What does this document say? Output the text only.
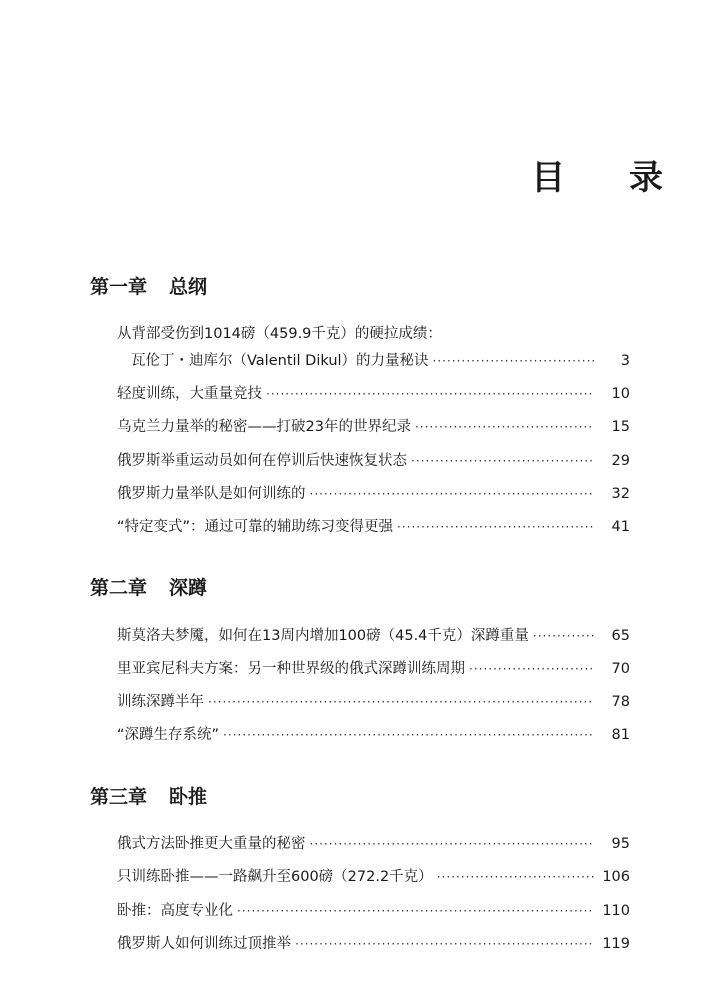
目 录
第一章 总纲
从背部受伤到1014磅（459.9千克）的硬拉成绩：
瓦伦丁・迪库尔（Valentil Dikul）的力量秘诀 ·····	3
轻度训练，大重量竞技 ·····	10
乌克兰力量举的秘密——打破23年的世界纪录 ·····	15
俄罗斯举重运动员如何在停训后快速恢复状态 ·····	29
俄罗斯力量举队是如何训练的 ·····	32
“特定变式”：通过可靠的辅助练习变得更强 ·····	41
第二章 深蹲
斯莫洛夫梦魇，如何在13周内增加100磅（45.4千克）深蹲重量 ·····	65
里亚宾尼科夫方案：另一种世界级的俄式深蹲训练周期 ·····	70
训练深蹲半年 ·····	78
“深蹲生存系统” ·····	81
第三章 卧推
俄式方法卧推更大重量的秘密 ·····	95
只训练卧推——一路飙升至600磅（272.2千克） ·····	106
卧推：高度专业化 ·····	110
俄罗斯人如何训练过顶推举 ·····	119
